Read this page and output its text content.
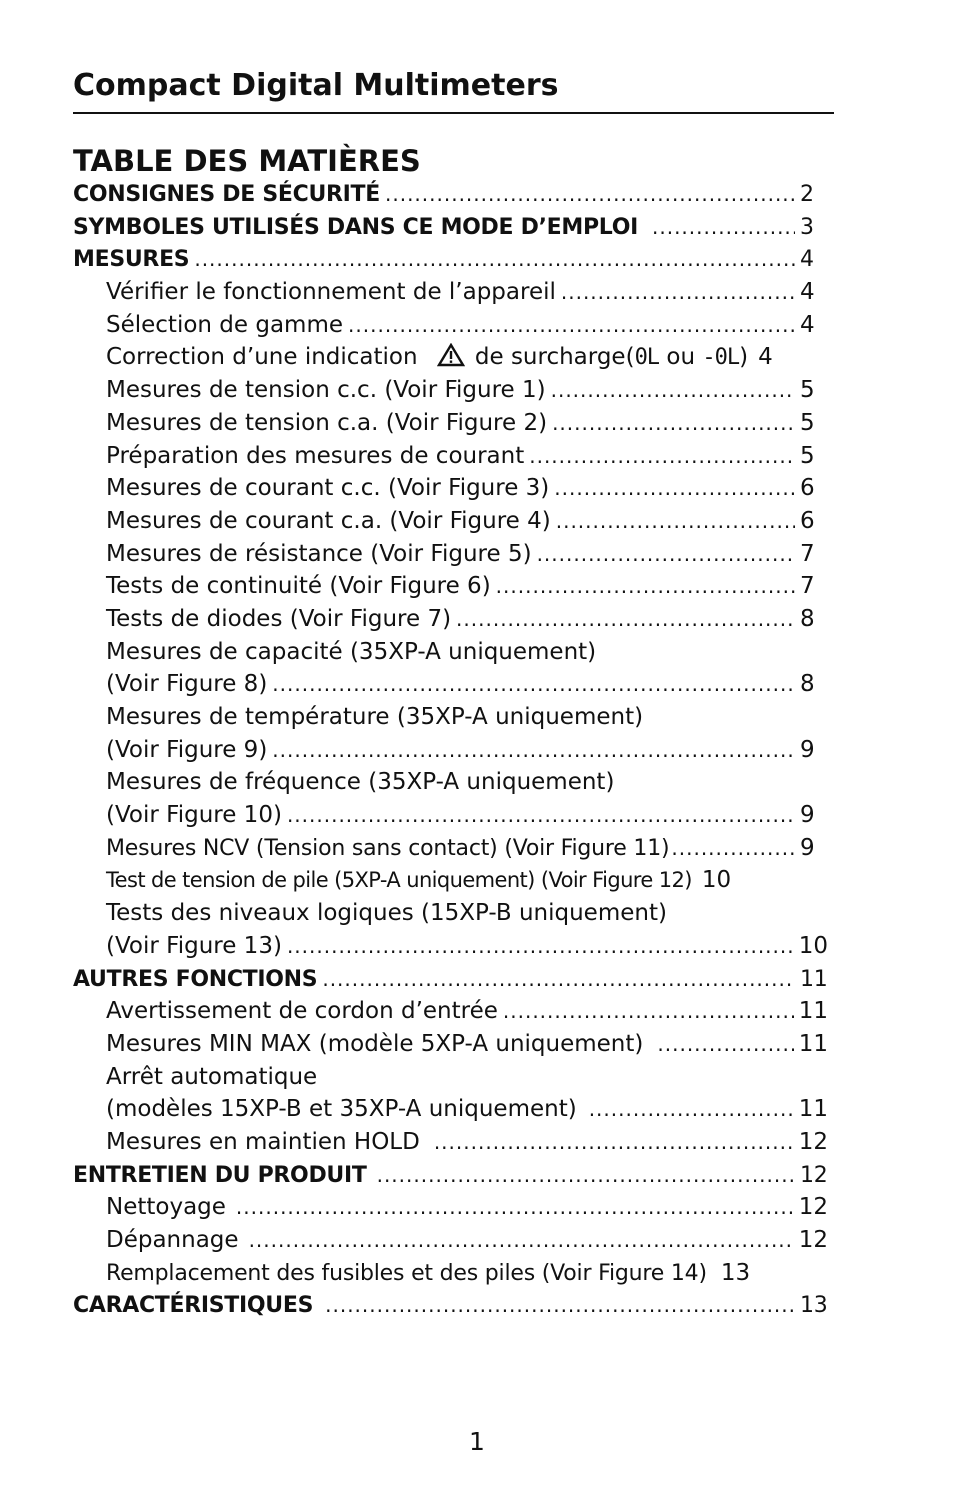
Compact Digital Multimeters
TABLE DES MATIÈRES
CONSIGNES DE SÉCURITÉ .....	2
SYMBOLES UTILISÉS DANS CE MODE D’EMPLOI .....	3
MESURES .....	4
Vérifier le fonctionnement de l’appareil .....	4
Sélection de gamme .....	4
Correction d’une indication de surcharge(0L ou -0L) 4
Mesures de tension c.c. (Voir Figure 1) .....	5
Mesures de tension c.a. (Voir Figure 2) .....	5
Préparation des mesures de courant .....	5
Mesures de courant c.c. (Voir Figure 3) .....	6
Mesures de courant c.a. (Voir Figure 4) .....	6
Mesures de résistance (Voir Figure 5) .....	7
Tests de continuité (Voir Figure 6) .....	7
Tests de diodes (Voir Figure 7) .....	8
Mesures de capacité (35XP-A uniquement)
(Voir Figure 8) .....	8
Mesures de température (35XP-A uniquement)
(Voir Figure 9) .....	9
Mesures de fréquence (35XP-A uniquement)
(Voir Figure 10) .....	9
Mesures NCV (Tension sans contact) (Voir Figure 11) .....	9
Test de tension de pile (5XP-A uniquement) (Voir Figure 12) 10
Tests des niveaux logiques (15XP-B uniquement)
(Voir Figure 13) .....	10
AUTRES FONCTIONS .....	11
Avertissement de cordon d’entrée .....	11
Mesures MIN MAX (modèle 5XP-A uniquement) .....	11
Arrêt automatique
(modèles 15XP-B et 35XP-A uniquement) .....	11
Mesures en maintien HOLD .....	12
ENTRETIEN DU PRODUIT .....	12
Nettoyage .....	12
Dépannage .....	12
Remplacement des fusibles et des piles (Voir Figure 14) 13
CARACTÉRISTIQUES .....	13
1
